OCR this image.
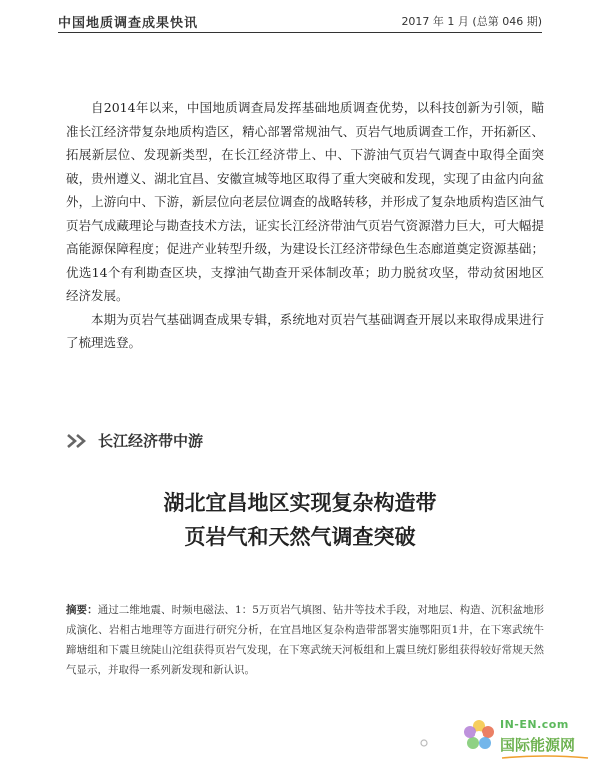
中国地质调查成果快讯	2017 年 1 月 (总第 046 期)

自2014年以来，中国地质调查局发挥基础地质调查优势，以科技创新为引领，瞄准长江经济带复杂地质构造区，精心部署常规油气、页岩气地质调查工作，开拓新区、拓展新层位、发现新类型，在长江经济带上、中、下游油气页岩气调查中取得全面突破，贵州遵义、湖北宜昌、安徽宣城等地区取得了重大突破和发现，实现了由盆内向盆外，上游向中、下游，新层位向老层位调查的战略转移，并形成了复杂地质构造区油气页岩气成藏理论与勘查技术方法，证实长江经济带油气页岩气资源潜力巨大，可大幅提高能源保障程度；促进产业转型升级，为建设长江经济带绿色生态廊道奠定资源基础；优选14个有利勘查区块，支撑油气勘查开采体制改革；助力脱贫攻坚，带动贫困地区经济发展。

本期为页岩气基础调查成果专辑，系统地对页岩气基础调查开展以来取得成果进行了梳理选登。

长江经济带中游
湖北宜昌地区实现复杂构造带
页岩气和天然气调查突破
摘要：通过二维地震、时频电磁法、1：5万页岩气填图、钻井等技术手段，对地层、构造、沉积盆地形成演化、岩相古地理等方面进行研究分析，在宜昌地区复杂构造带部署实施鄂阳页1井，在下寒武统牛蹄塘组和下震旦统陡山沱组获得页岩气发现，在下寒武统天河板组和上震旦统灯影组获得较好常规天然气显示，并取得一系列新发现和新认识。
IN-EN.com
国际能源网
